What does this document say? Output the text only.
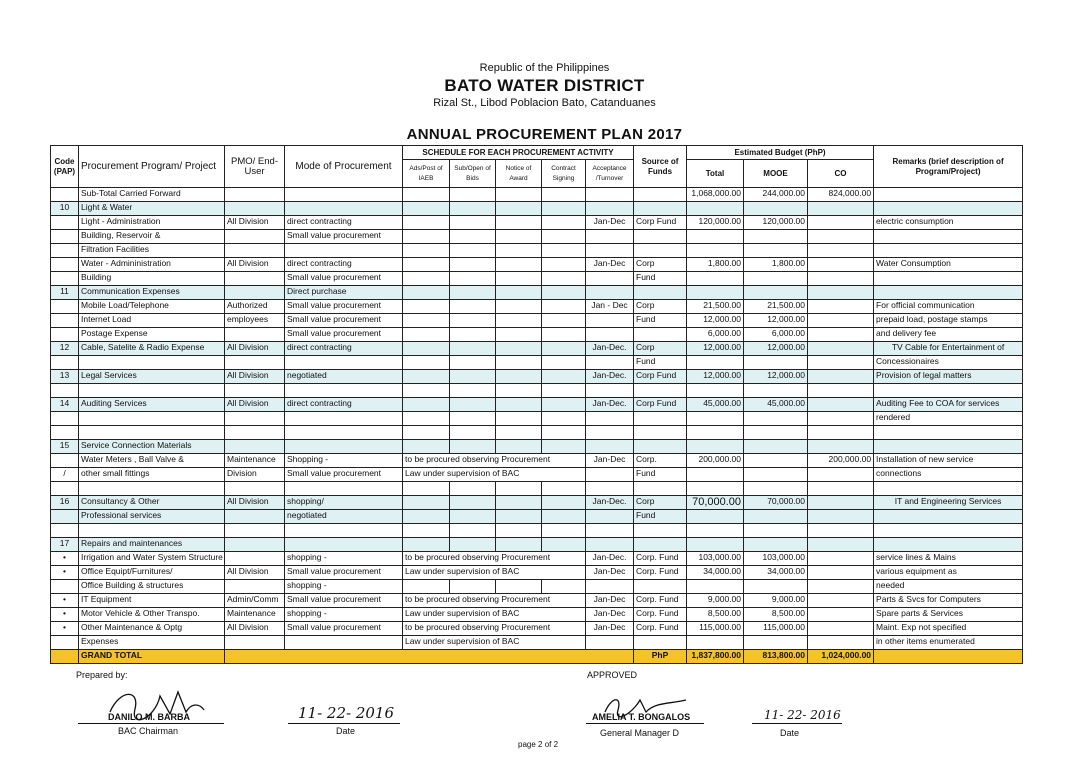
Republic of the Philippines
BATO WATER DISTRICT
Rizal St., Libod Poblacion Bato, Catanduanes
ANNUAL PROCUREMENT PLAN 2017
Code (PAP)	Procurement Program/ Project	PMO/ End-User	Mode of Procurement	SCHEDULE FOR EACH PROCUREMENT ACTIVITY					Source of Funds	Estimated Budget (PhP)			Remarks (brief description of Program/Project)
				Ads/Post of IAEB	Sub/Open of Bids	Notice of Award	Contract Signing	Acceptance /Turnover		Total	MOOE	CO	
	Sub-Total Carried Forward									1,068,000.00	244,000.00	824,000.00	
10	Light & Water												
	Light - Administration	All Division	direct contracting					Jan-Dec	Corp Fund	120,000.00	120,000.00		electric consumption
	Building, Reservoir &		Small value procurement										
	Filtration Facilities												
	Water - Admininistration	All Division	direct contracting					Jan-Dec	Corp	1,800.00	1,800.00		Water Consumption
	Building		Small value procurement						Fund				
11	Communication Expenses		Direct purchase										
	Mobile Load/Telephone	Authorized	Small value procurement					Jan - Dec	Corp	21,500.00	21,500.00		For official communication
	Internet Load	employees	Small value procurement						Fund	12,000.00	12,000.00		prepaid load, postage stamps
	Postage Expense		Small value procurement							6,000.00	6,000.00		and delivery fee
12	Cable, Satelite & Radio Expense	All Division	direct contracting					Jan-Dec.	Corp	12,000.00	12,000.00		TV Cable for Entertainment of
									Fund				Concessionaires
13	Legal Services	All Division	negotiated					Jan-Dec.	Corp Fund	12,000.00	12,000.00		Provision of legal matters

14	Auditing Services	All Division	direct contracting					Jan-Dec.	Corp Fund	45,000.00	45,000.00		Auditing Fee to COA for services
													rendered

15	Service Connection Materials												
	Water Meters , Ball Valve &	Maintenance	Shopping -	to be procured observing Procurement				Jan-Dec	Corp.	200,000.00		200,000.00	Installation of new service
/	other small fittings	Division	Small value procurement	Law under supervision of BAC					Fund				connections

16	Consultancy & Other	All Division	shopping/					Jan-Dec.	Corp	70,000.00	70,000.00		IT and Engineering Services
	Professional services		negotiated						Fund				

17	Repairs and maintenances												
•	Irrigation and Water System Structure		shopping -	to be procured observing Procurement				Jan-Dec.	Corp. Fund	103,000.00	103,000.00		service lines & Mains
•	Office Equipt/Furnitures/	All Division	Small value procurement	Law under supervision of BAC				Jan-Dec	Corp. Fund	34,000.00	34,000.00		various equipment as
	Office Building & structures		shopping -										needed
•	IT Equipment	Admin/Comm	Small value procurement	to be procured observing Procurement				Jan-Dec	Corp. Fund	9,000.00	9,000.00		Parts & Svcs for Computers
•	Motor Vehicle & Other Transpo.	Maintenance	shopping -	Law under supervision of BAC				Jan-Dec	Corp. Fund	8,500.00	8,500.00		Spare parts & Services
•	Other Maintenance & Optg	All Division	Small value procurement	to be procured observing Procurement				Jan-Dec	Corp. Fund	115,000.00	115,000.00		Maint. Exp not specified
	Expenses			Law under supervision of BAC									in other items enumerated
	GRAND TOTAL								PhP	1,837,800.00	813,800.00	1,024,000.00	
Prepared by:	APPROVED
DANILO M. BARBA
BAC Chairman
11- 22- 2016
Date
AMELIA T. BONGALOS
General Manager D
11- 22- 2016
Date
page 2 of 2
